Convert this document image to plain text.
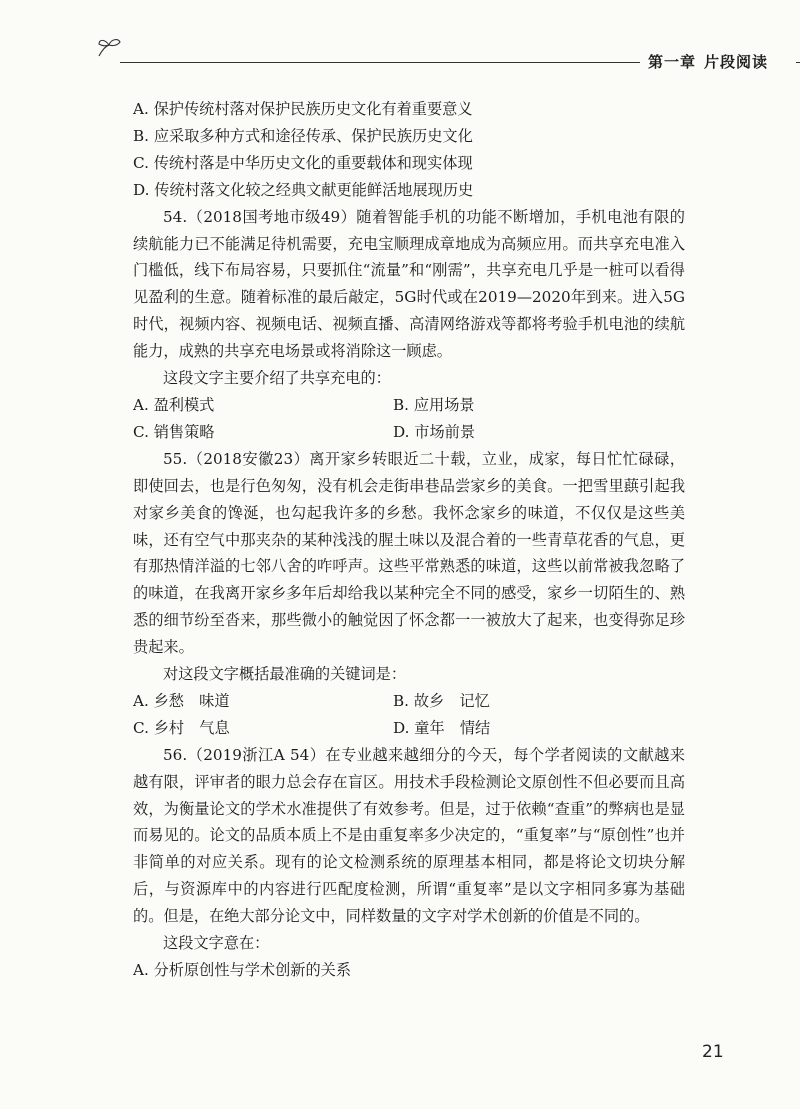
第一章 片段阅读
A. 保护传统村落对保护民族历史文化有着重要意义
B. 应采取多种方式和途径传承、保护民族历史文化
C. 传统村落是中华历史文化的重要载体和现实体现
D. 传统村落文化较之经典文献更能鲜活地展现历史
54.（2018国考地市级49）随着智能手机的功能不断增加，手机电池有限的续航能力已不能满足待机需要，充电宝顺理成章地成为高频应用。而共享充电准入门槛低，线下布局容易，只要抓住“流量”和“刚需”，共享充电几乎是一桩可以看得见盈利的生意。随着标准的最后敲定，5G时代或在2019—2020年到来。进入5G时代，视频内容、视频电话、视频直播、高清网络游戏等都将考验手机电池的续航能力，成熟的共享充电场景或将消除这一顾虑。
这段文字主要介绍了共享充电的：
A. 盈利模式	B. 应用场景
C. 销售策略	D. 市场前景
55.（2018安徽23）离开家乡转眼近二十载，立业，成家，每日忙忙碌碌，即使回去，也是行色匆匆，没有机会走街串巷品尝家乡的美食。一把雪里蕻引起我对家乡美食的馋涎，也勾起我许多的乡愁。我怀念家乡的味道，不仅仅是这些美味，还有空气中那夹杂的某种浅浅的腥土味以及混合着的一些青草花香的气息，更有那热情洋溢的七邻八舍的咋呼声。这些平常熟悉的味道，这些以前常被我忽略了的味道，在我离开家乡多年后却给我以某种完全不同的感受，家乡一切陌生的、熟悉的细节纷至沓来，那些微小的触觉因了怀念都一一被放大了起来，也变得弥足珍贵起来。
对这段文字概括最准确的关键词是：
A. 乡愁　味道	B. 故乡　记忆
C. 乡村　气息	D. 童年　情结
56.（2019浙江A 54）在专业越来越细分的今天，每个学者阅读的文献越来越有限，评审者的眼力总会存在盲区。用技术手段检测论文原创性不但必要而且高效，为衡量论文的学术水准提供了有效参考。但是，过于依赖“查重”的弊病也是显而易见的。论文的品质本质上不是由重复率多少决定的，“重复率”与“原创性”也并非简单的对应关系。现有的论文检测系统的原理基本相同，都是将论文切块分解后，与资源库中的内容进行匹配度检测，所谓“重复率”是以文字相同多寡为基础的。但是，在绝大部分论文中，同样数量的文字对学术创新的价值是不同的。
这段文字意在：
A. 分析原创性与学术创新的关系
21
